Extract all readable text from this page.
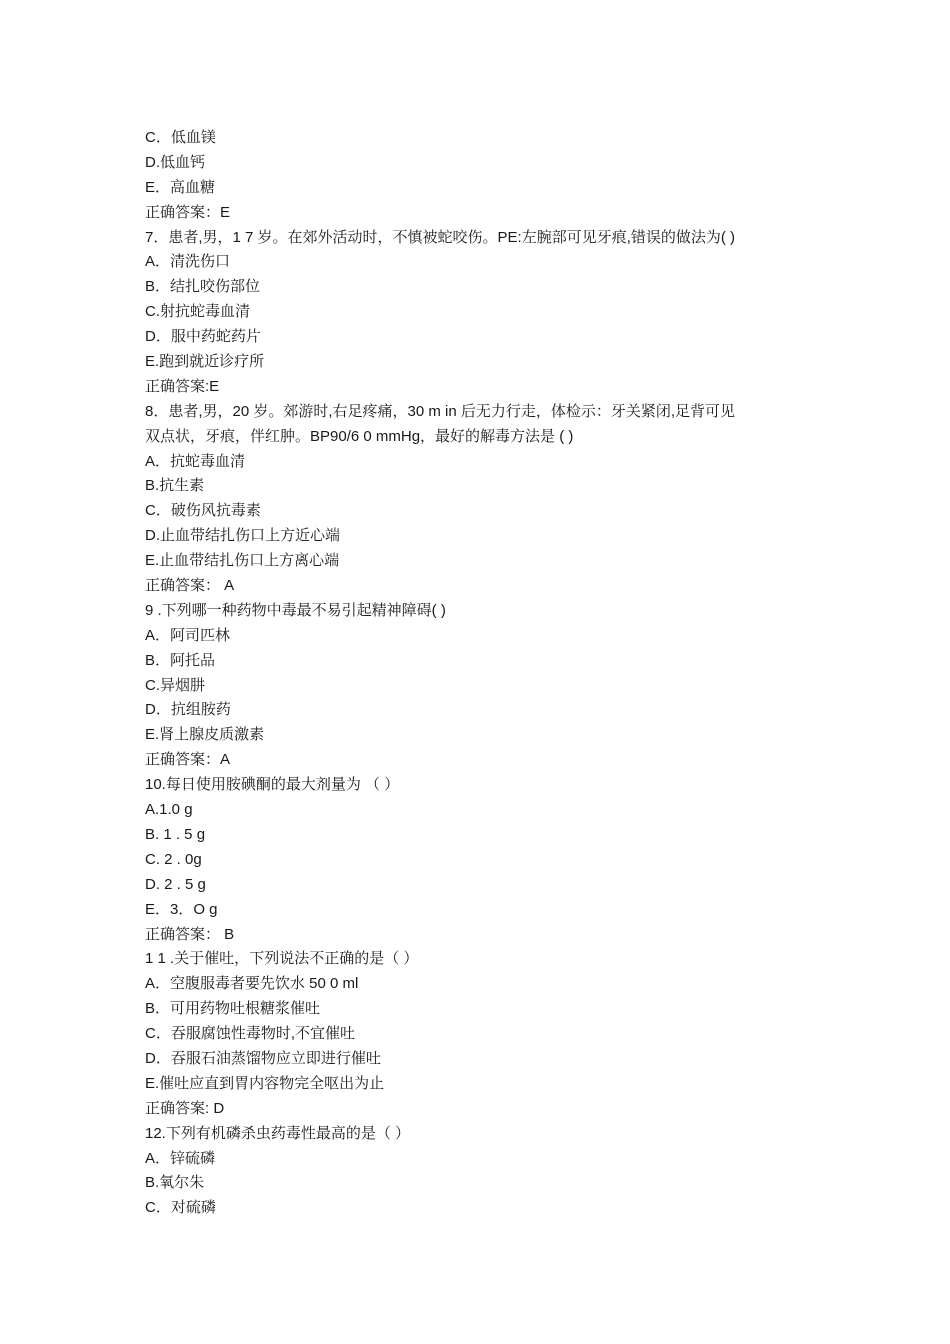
C．低血镁
D.低血钙
E．高血糖
正确答案：E
7．患者,男，1 7 岁。在郊外活动时，不慎被蛇咬伤。PE:左腕部可见牙痕,错误的做法为( )
A．清洗伤口
B．结扎咬伤部位
C.射抗蛇毒血清
D．服中药蛇药片
E.跑到就近诊疗所
正确答案:E
8．患者,男，20 岁。郊游时,右足疼痛，30 m in 后无力行走，体检示：牙关紧闭,足背可见
双点状，牙痕，伴红肿。BP90/6 0 mmHg，最好的解毒方法是 ( )
A．抗蛇毒血清
B.抗生素
C．破伤风抗毒素
D.止血带结扎伤口上方近心端
E.止血带结扎伤口上方离心端
正确答案： A
9 .下列哪一种药物中毒最不易引起精神障碍( )
A．阿司匹林
B．阿托品
C.异烟肼
D．抗组胺药
E.肾上腺皮质激素
正确答案：A
10.每日使用胺碘酮的最大剂量为 （ ）
A.1.0 g
B. 1 . 5 g
C. 2 . 0g
D. 2 . 5 g
E．3．O g
正确答案： B
1 1 .关于催吐，下列说法不正确的是（ ）
A．空腹服毒者要先饮水 50 0 ml
B．可用药物吐根糖浆催吐
C．吞服腐蚀性毒物时,不宜催吐
D．吞服石油蒸馏物应立即进行催吐
E.催吐应直到胃内容物完全呕出为止
正确答案: D
12.下列有机磷杀虫药毒性最高的是（ ）
A．锌硫磷
B.氧尔朱
C．对硫磷
